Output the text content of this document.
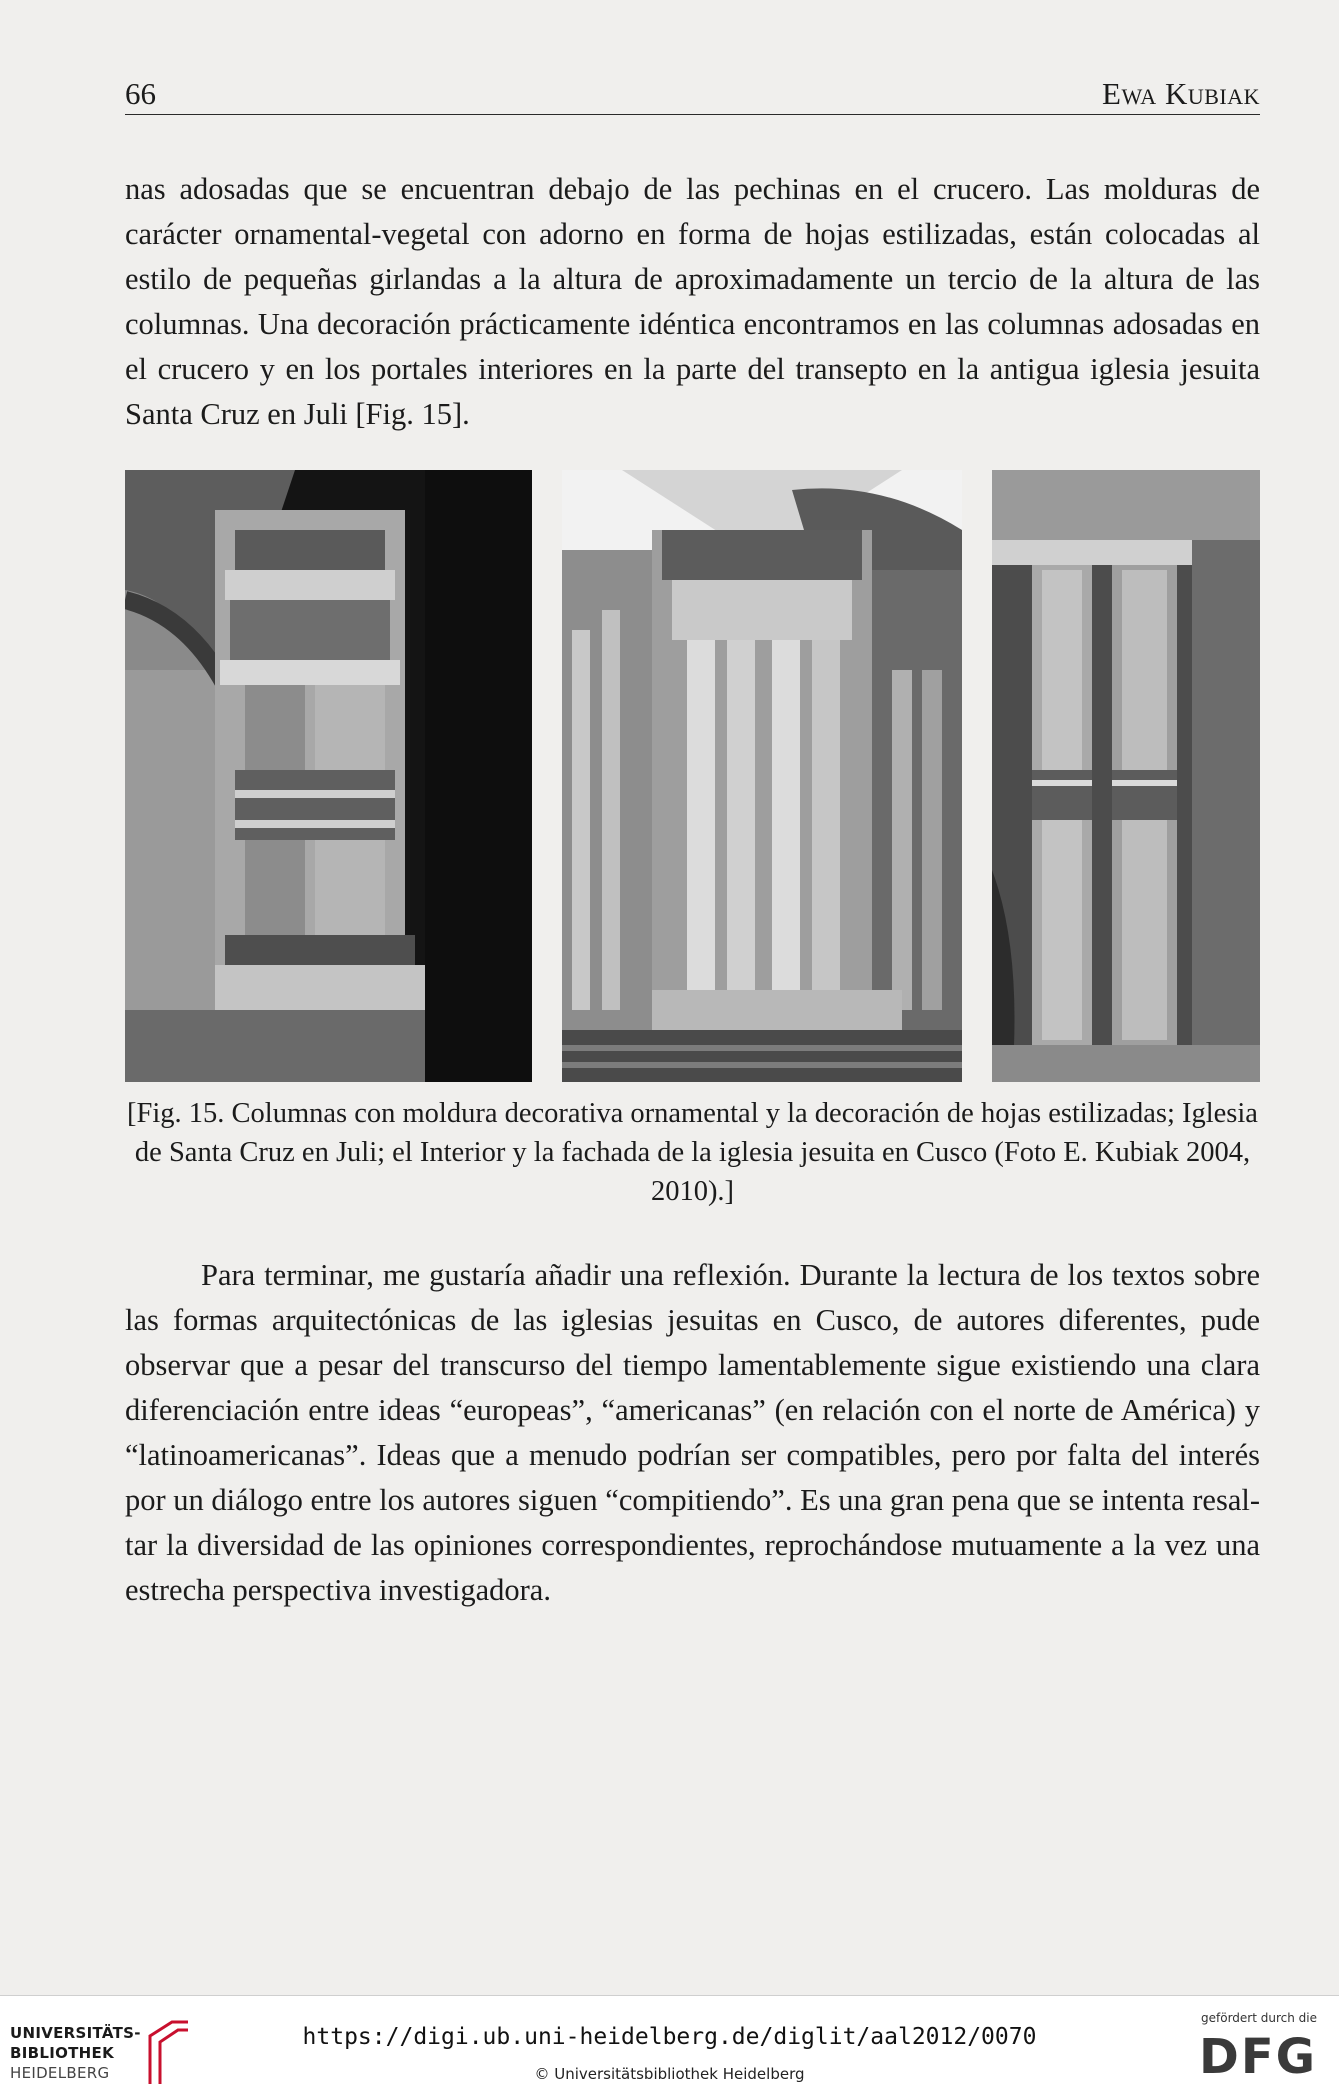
66	Ewa Kubiak

nas adosadas que se encuentran debajo de las pechinas en el crucero. Las molduras de carácter ornamental-vegetal con adorno en forma de hojas estilizadas, están colocadas al estilo de pequeñas girlandas a la altura de aproximadamente un tercio de la altura de las columnas. Una decoración prácticamente idéntica encontramos en las columnas adosadas en el crucero y en los portales interiores en la parte del transepto en la antigua iglesia jesuita Santa Cruz en Juli [Fig. 15].

[Fig. 15. Columnas con moldura decorativa ornamental y la decoración de hojas estilizadas; Iglesia de Santa Cruz en Juli; el Interior y la fachada de la iglesia jesuita en Cusco (Foto E. Kubiak 2004, 2010).]

Para terminar, me gustaría añadir una reflexión. Durante la lectura de los textos sobre las formas arquitectónicas de las iglesias jesuitas en Cusco, de autores diferentes, pude observar que a pesar del transcurso del tiempo lamentablemente sigue existiendo una clara diferenciación entre ideas “europeas”, “americanas” (en relación con el norte de América) y “latinoamericanas”. Ideas que a menudo podrían ser compatibles, pero por falta del interés por un diálogo entre los autores siguen “compitiendo”. Es una gran pena que se intenta resaltar la diversidad de las opiniones correspondientes, reprochándose mutuamente a la vez una estrecha perspectiva investigadora.

UNIVERSITÄTS-
BIBLIOTHEK
HEIDELBERG
https://digi.ub.uni-heidelberg.de/diglit/aal2012/0070
© Universitätsbibliothek Heidelberg
gefördert durch die
DFG
